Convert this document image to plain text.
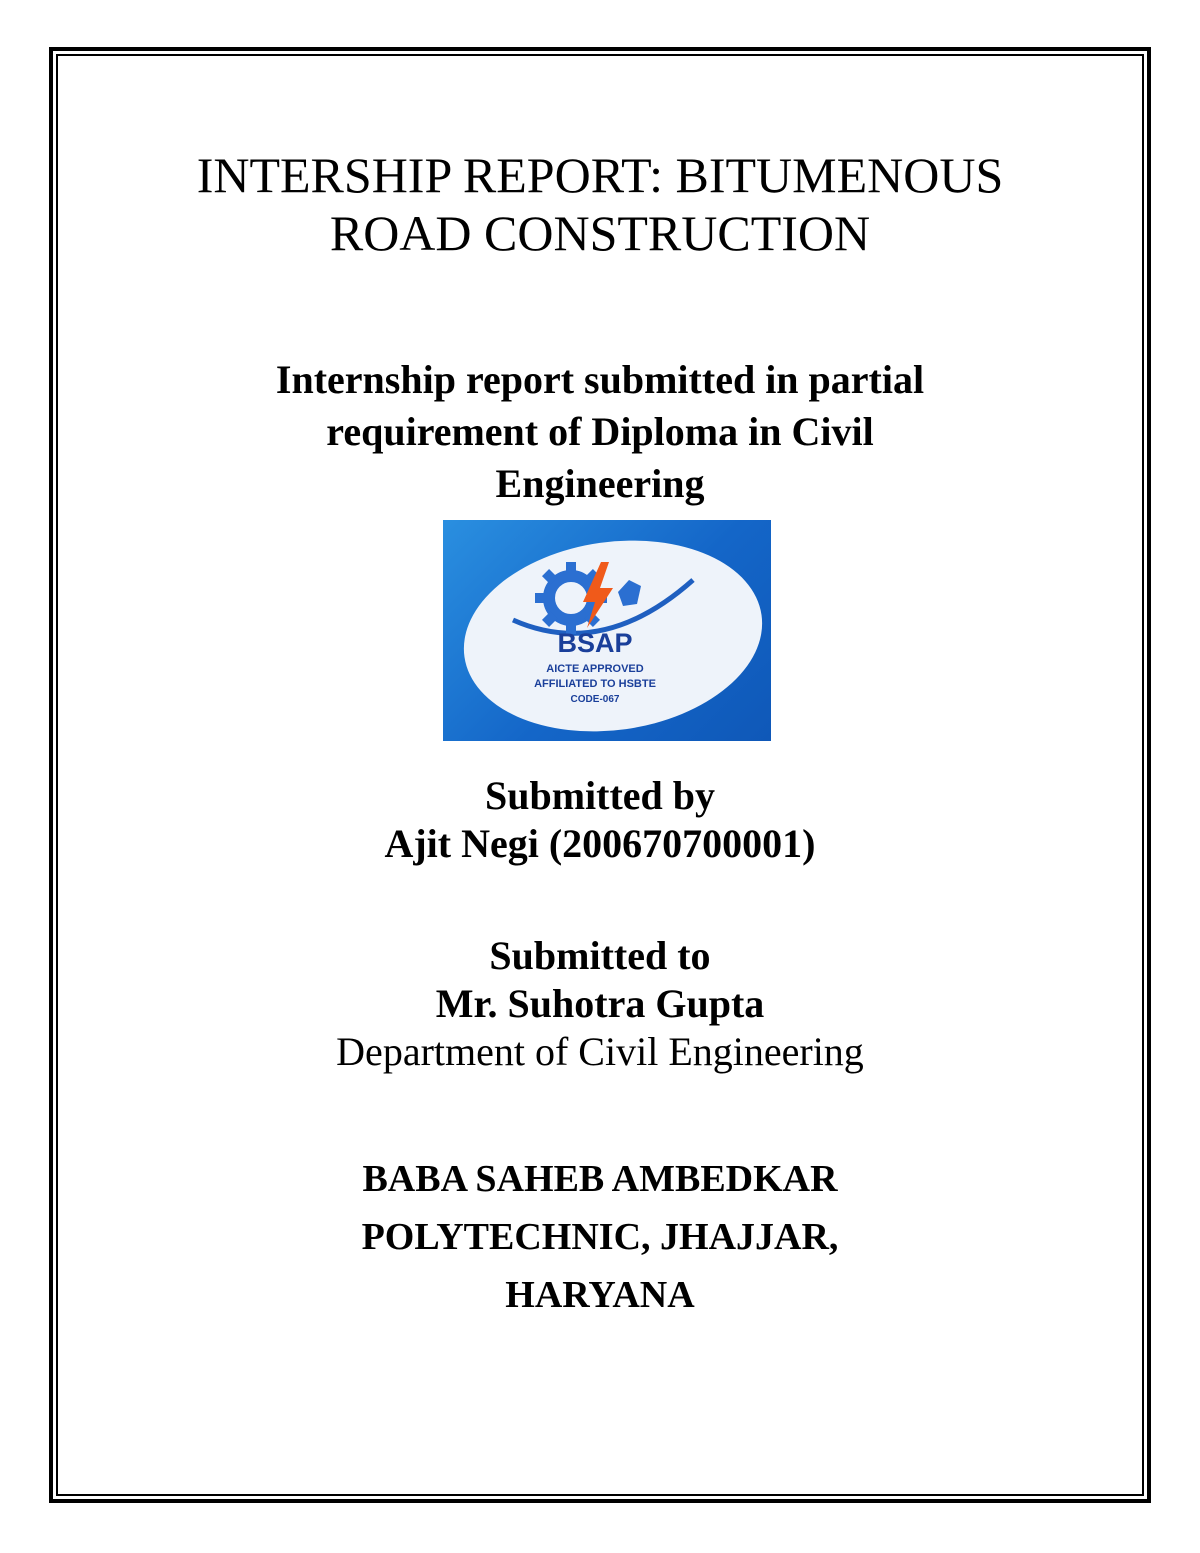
INTERSHIP REPORT: BITUMENOUS
ROAD CONSTRUCTION
Internship report submitted in partial
requirement of Diploma in Civil
Engineering
Submitted by
Ajit Negi (200670700001)
Submitted to
Mr. Suhotra Gupta
Department of Civil Engineering
BABA SAHEB AMBEDKAR
POLYTECHNIC, JHAJJAR,
HARYANA
BSAP
AICTE APPROVED
AFFILIATED TO HSBTE
CODE-067
